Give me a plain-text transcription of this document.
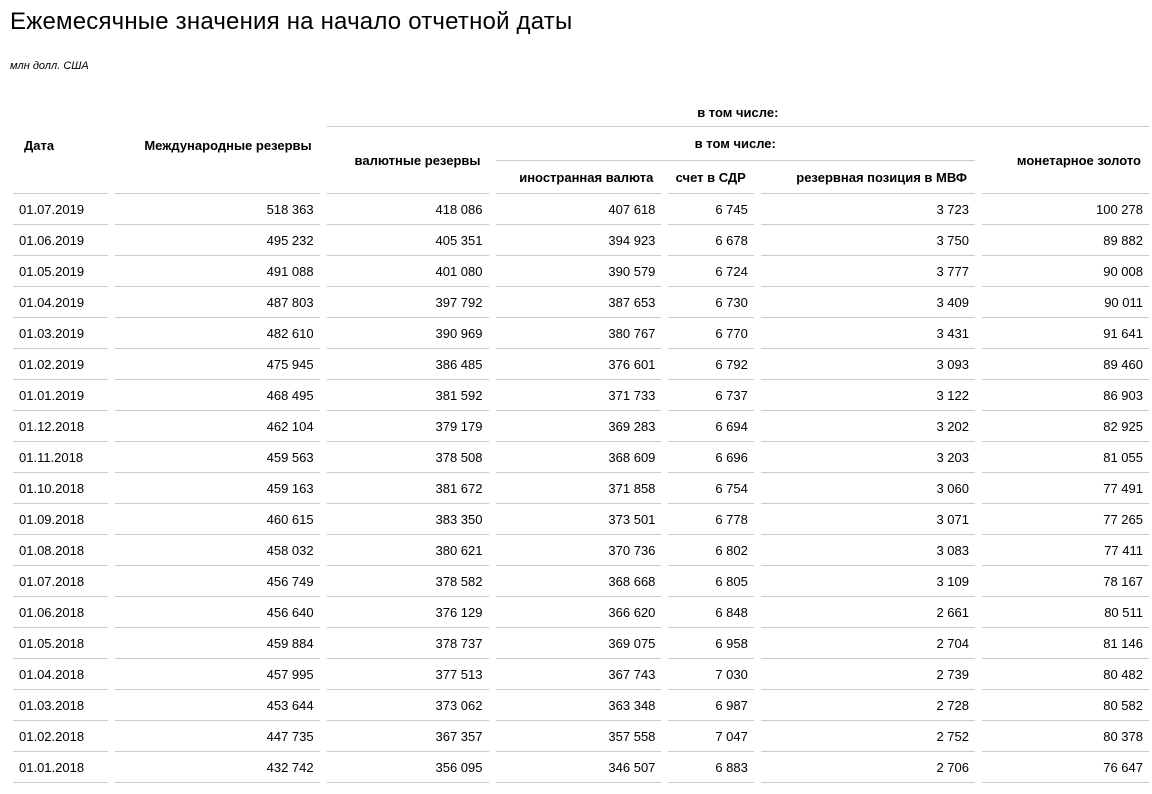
Ежемесячные значения на начало отчетной даты
млн долл. США
Дата	Международные резервы	в том числе:				
		валютные резервы	в том числе:			монетарное золото
			иностранная валюта	счет в СДР	резервная позиция в МВФ	
01.07.2019	518 363	418 086	407 618	6 745	3 723	100 278
01.06.2019	495 232	405 351	394 923	6 678	3 750	89 882
01.05.2019	491 088	401 080	390 579	6 724	3 777	90 008
01.04.2019	487 803	397 792	387 653	6 730	3 409	90 011
01.03.2019	482 610	390 969	380 767	6 770	3 431	91 641
01.02.2019	475 945	386 485	376 601	6 792	3 093	89 460
01.01.2019	468 495	381 592	371 733	6 737	3 122	86 903
01.12.2018	462 104	379 179	369 283	6 694	3 202	82 925
01.11.2018	459 563	378 508	368 609	6 696	3 203	81 055
01.10.2018	459 163	381 672	371 858	6 754	3 060	77 491
01.09.2018	460 615	383 350	373 501	6 778	3 071	77 265
01.08.2018	458 032	380 621	370 736	6 802	3 083	77 411
01.07.2018	456 749	378 582	368 668	6 805	3 109	78 167
01.06.2018	456 640	376 129	366 620	6 848	2 661	80 511
01.05.2018	459 884	378 737	369 075	6 958	2 704	81 146
01.04.2018	457 995	377 513	367 743	7 030	2 739	80 482
01.03.2018	453 644	373 062	363 348	6 987	2 728	80 582
01.02.2018	447 735	367 357	357 558	7 047	2 752	80 378
01.01.2018	432 742	356 095	346 507	6 883	2 706	76 647
